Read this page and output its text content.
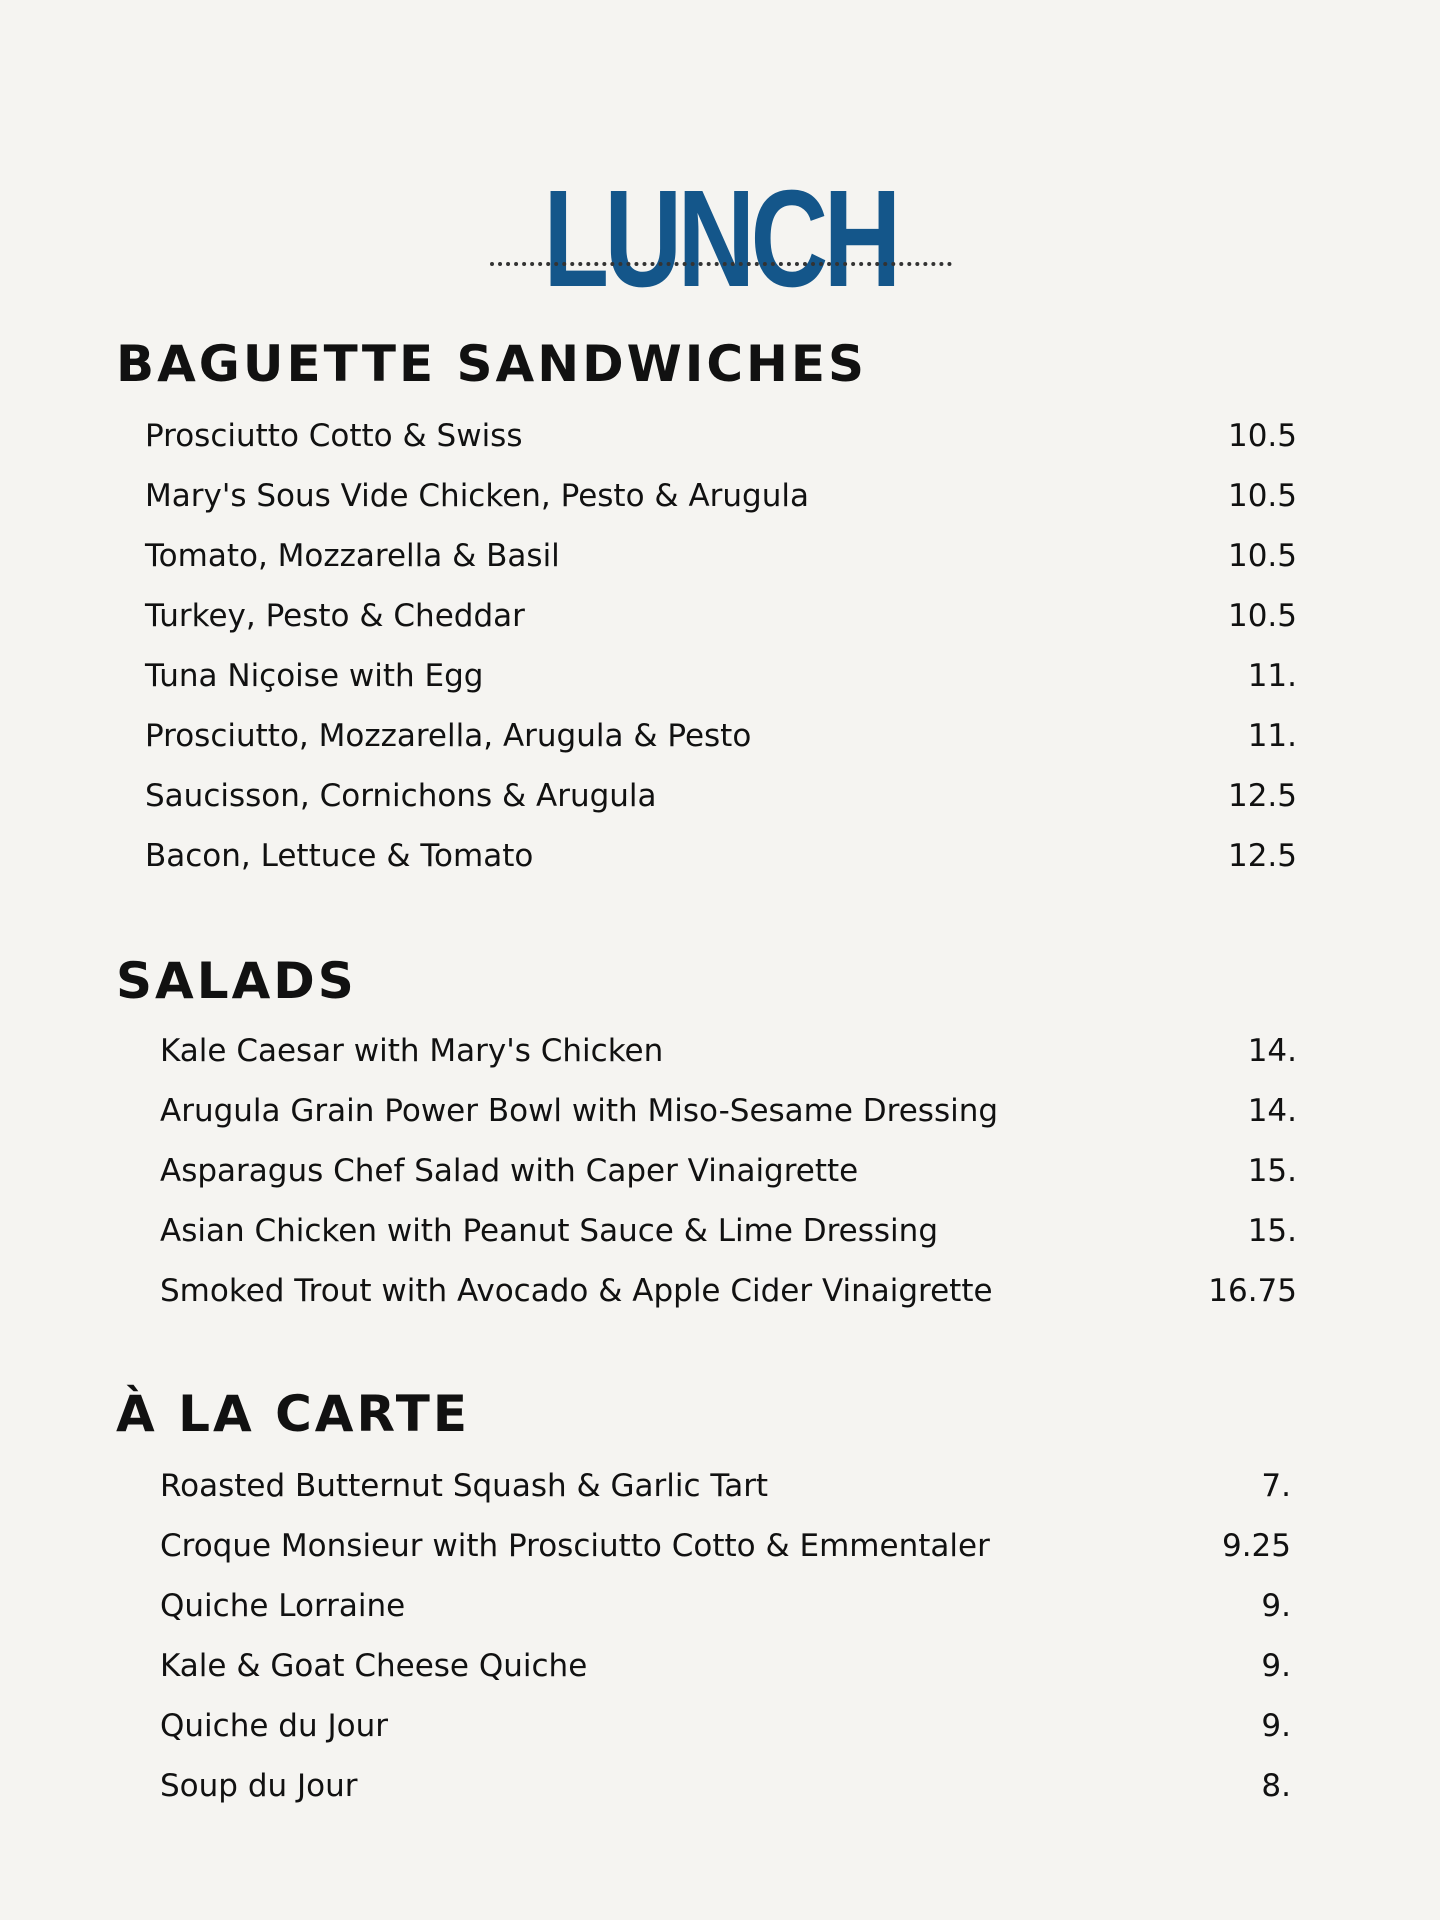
LUNCH
BAGUETTE SANDWICHES
Prosciutto Cotto & Swiss	10.5
Mary's Sous Vide Chicken, Pesto & Arugula	10.5
Tomato, Mozzarella & Basil	10.5
Turkey, Pesto & Cheddar	10.5
Tuna Niçoise with Egg	11.
Prosciutto, Mozzarella, Arugula & Pesto	11.
Saucisson, Cornichons & Arugula	12.5
Bacon, Lettuce & Tomato	12.5
SALADS
Kale Caesar with Mary's Chicken	14.
Arugula Grain Power Bowl with Miso-Sesame Dressing	14.
Asparagus Chef Salad with Caper Vinaigrette	15.
Asian Chicken with Peanut Sauce & Lime Dressing	15.
Smoked Trout with Avocado & Apple Cider Vinaigrette	16.75
À LA CARTE
Roasted Butternut Squash & Garlic Tart	7.
Croque Monsieur with Prosciutto Cotto & Emmentaler	9.25
Quiche Lorraine	9.
Kale & Goat Cheese Quiche	9.
Quiche du Jour	9.
Soup du Jour	8.
